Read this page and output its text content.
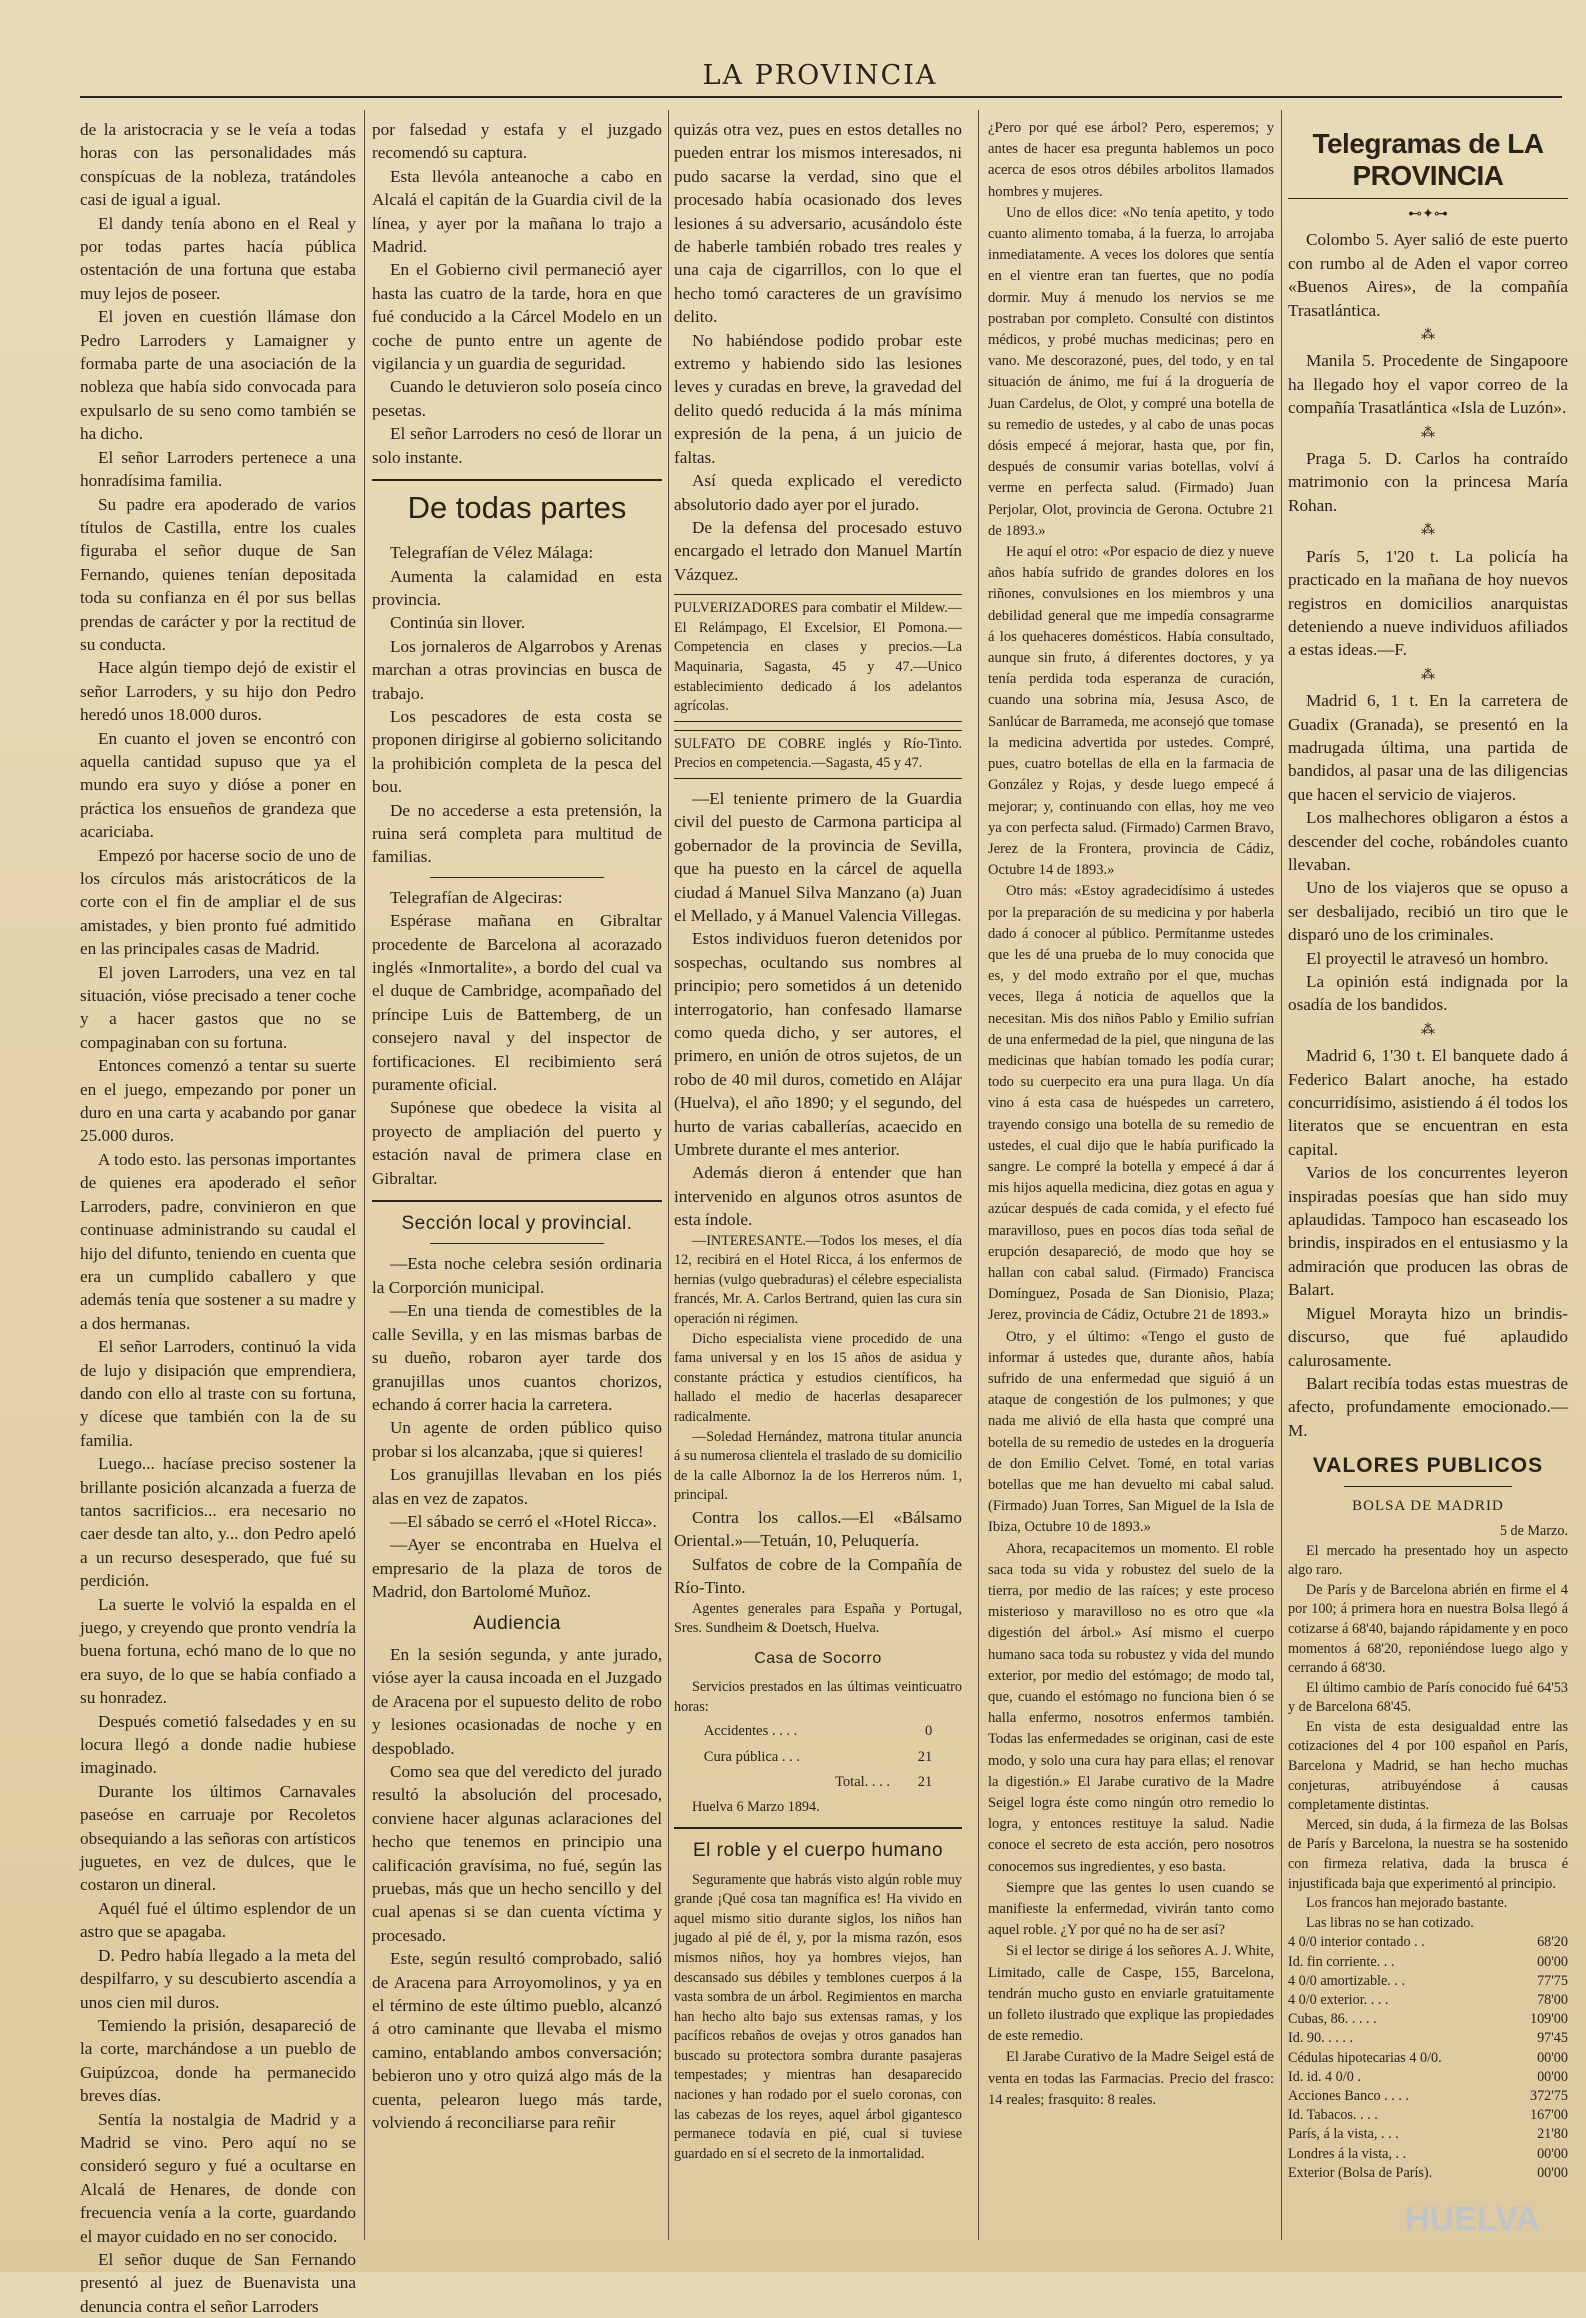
LA PROVINCIA

de la aristocracia y se le veía a todas horas con las personalidades más conspícuas de la nobleza, tratándoles casi de igual a igual.

El dandy tenía abono en el Real y por todas partes hacía pública ostentación de una fortuna que estaba muy lejos de poseer.

El joven en cuestión llámase don Pedro Larroders y Lamaigner y formaba parte de una asociación de la nobleza que había sido convocada para expulsarlo de su seno como también se ha dicho.

El señor Larroders pertenece a una honradísima familia.

Su padre era apoderado de varios títulos de Castilla, entre los cuales figuraba el señor duque de San Fernando, quienes tenían depositada toda su confianza en él por sus bellas prendas de carácter y por la rectitud de su conducta.

Hace algún tiempo dejó de existir el señor Larroders, y su hijo don Pedro heredó unos 18.000 duros.

En cuanto el joven se encontró con aquella cantidad supuso que ya el mundo era suyo y dióse a poner en práctica los ensueños de grandeza que acariciaba.

Empezó por hacerse socio de uno de los círculos más aristocráticos de la corte con el fin de ampliar el de sus amistades, y bien pronto fué admitido en las principales casas de Madrid.

El joven Larroders, una vez en tal situación, vióse precisado a tener coche y a hacer gastos que no se compaginaban con su fortuna.

Entonces comenzó a tentar su suerte en el juego, empezando por poner un duro en una carta y acabando por ganar 25.000 duros.

A todo esto. las personas importantes de quienes era apoderado el señor Larroders, padre, convinieron en que continuase administrando su caudal el hijo del difunto, teniendo en cuenta que era un cumplido caballero y que además tenía que sostener a su madre y a dos hermanas.

El señor Larroders, continuó la vida de lujo y disipación que emprendiera, dando con ello al traste con su fortuna, y dícese que también con la de su familia.

Luego... hacíase preciso sostener la brillante posición alcanzada a fuerza de tantos sacrificios... era necesario no caer desde tan alto, y... don Pedro apeló a un recurso desesperado, que fué su perdición.

La suerte le volvió la espalda en el juego, y creyendo que pronto vendría la buena fortuna, echó mano de lo que no era suyo, de lo que se había confiado a su honradez.

Después cometió falsedades y en su locura llegó a donde nadie hubiese imaginado.

Durante los últimos Carnavales paseóse en carruaje por Recoletos obsequiando a las señoras con artísticos juguetes, en vez de dulces, que le costaron un dineral.

Aquél fué el último esplendor de un astro que se apagaba.

D. Pedro había llegado a la meta del despilfarro, y su descubierto ascendía a unos cien mil duros.

Temiendo la prisión, desapareció de la corte, marchándose a un pueblo de Guipúzcoa, donde ha permanecido breves días.

Sentía la nostalgia de Madrid y a Madrid se vino. Pero aquí no se consideró seguro y fué a ocultarse en Alcalá de Henares, de donde con frecuencia venía a la corte, guardando el mayor cuidado en no ser conocido.

El señor duque de San Fernando presentó al juez de Buenavista una denuncia contra el señor Larroders

por falsedad y estafa y el juzgado recomendó su captura.

Esta llevóla anteanoche a cabo en Alcalá el capitán de la Guardia civil de la línea, y ayer por la mañana lo trajo a Madrid.

En el Gobierno civil permaneció ayer hasta las cuatro de la tarde, hora en que fué conducido a la Cárcel Modelo en un coche de punto entre un agente de vigilancia y un guardia de seguridad.

Cuando le detuvieron solo poseía cinco pesetas.

El señor Larroders no cesó de llorar un solo instante.

De todas partes

Telegrafían de Vélez Málaga:

Aumenta la calamidad en esta provincia.

Continúa sin llover.

Los jornaleros de Algarrobos y Arenas marchan a otras provincias en busca de trabajo.

Los pescadores de esta costa se proponen dirigirse al gobierno solicitando la prohibición completa de la pesca del bou.

De no accederse a esta pretensión, la ruina será completa para multitud de familias.

Telegrafían de Algeciras:

Espérase mañana en Gibraltar procedente de Barcelona al acorazado inglés «Inmortalite», a bordo del cual va el duque de Cambridge, acompañado del príncipe Luis de Battemberg, de un consejero naval y del inspector de fortificaciones. El recibimiento será puramente oficial.

Supónese que obedece la visita al proyecto de ampliación del puerto y estación naval de primera clase en Gibraltar.

Sección local y provincial.

—Esta noche celebra sesión ordinaria la Corporción municipal.

—En una tienda de comestibles de la calle Sevilla, y en las mismas barbas de su dueño, robaron ayer tarde dos granujillas unos cuantos chorizos, echando á correr hacia la carretera.

Un agente de orden público quiso probar si los alcanzaba, ¡que si quieres!

Los granujillas llevaban en los piés alas en vez de zapatos.

—El sábado se cerró el «Hotel Ricca».

—Ayer se encontraba en Huelva el empresario de la plaza de toros de Madrid, don Bartolomé Muñoz.

Audiencia

En la sesión segunda, y ante jurado, vióse ayer la causa incoada en el Juzgado de Aracena por el supuesto delito de robo y lesiones ocasionadas de noche y en despoblado.

Como sea que del veredicto del jurado resultó la absolución del procesado, conviene hacer algunas aclaraciones del hecho que tenemos en principio una calificación gravísima, no fué, según las pruebas, más que un hecho sencillo y del cual apenas si se dan cuenta víctima y procesado.

Este, según resultó comprobado, salió de Aracena para Arroyomolinos, y ya en el término de este último pueblo, alcanzó á otro caminante que llevaba el mismo camino, entablando ambos conversación; bebieron uno y otro quizá algo más de la cuenta, pelearon luego más tarde, volviendo á reconciliarse para reñir

quizás otra vez, pues en estos detalles no pueden entrar los mismos interesados, ni pudo sacarse la verdad, sino que el procesado había ocasionado dos leves lesiones á su adversario, acusándolo éste de haberle también robado tres reales y una caja de cigarrillos, con lo que el hecho tomó caracteres de un gravísimo delito.

No habiéndose podido probar este extremo y habiendo sido las lesiones leves y curadas en breve, la gravedad del delito quedó reducida á la más mínima expresión de la pena, á un juicio de faltas.

Así queda explicado el veredicto absolutorio dado ayer por el jurado.

De la defensa del procesado estuvo encargado el letrado don Manuel Martín Vázquez.

PULVERIZADORES para combatir el Mildew.—El Relámpago, El Excelsior, El Pomona.—Competencia en clases y precios.—La Maquinaria, Sagasta, 45 y 47.—Unico establecimiento dedicado á los adelantos agrícolas.

SULFATO DE COBRE inglés y Río-Tinto. Precios en competencia.—Sagasta, 45 y 47.

—El teniente primero de la Guardia civil del puesto de Carmona participa al gobernador de la provincia de Sevilla, que ha puesto en la cárcel de aquella ciudad á Manuel Silva Manzano (a) Juan el Mellado, y á Manuel Valencia Villegas.

Estos individuos fueron detenidos por sospechas, ocultando sus nombres al principio; pero sometidos á un detenido interrogatorio, han confesado llamarse como queda dicho, y ser autores, el primero, en unión de otros sujetos, de un robo de 40 mil duros, cometido en Alájar (Huelva), el año 1890; y el segundo, del hurto de varias caballerías, acaecido en Umbrete durante el mes anterior.

Además dieron á entender que han intervenido en algunos otros asuntos de esta índole.

—INTERESANTE.—Todos los meses, el día 12, recibirá en el Hotel Ricca, á los enfermos de hernias (vulgo quebraduras) el célebre especialista francés, Mr. A. Carlos Bertrand, quien las cura sin operación ni régimen.

Dicho especialista viene procedido de una fama universal y en los 15 años de asidua y constante práctica y estudios científicos, ha hallado el medio de hacerlas desaparecer radicalmente.

—Soledad Hernández, matrona titular anuncia á su numerosa clientela el traslado de su domicilio de la calle Albornoz la de los Herreros núm. 1, principal.

Contra los callos.—El «Bálsamo Oriental.»—Tetuán, 10, Peluquería.

Sulfatos de cobre de la Compañía de Río-Tinto.

Agentes generales para España y Portugal, Sres. Sundheim & Doetsch, Huelva.

Casa de Socorro

Servicios prestados en las últimas veinticuatro horas:

Accidentes . . . .	0
Cura pública . . .	21
Total. . . .	21

Huelva 6 Marzo 1894.

El roble y el cuerpo humano

Seguramente que habrás visto algún roble muy grande ¡Qué cosa tan magnífica es! Ha vivido en aquel mismo sitio durante siglos, los niños han jugado al pié de él, y, por la misma razón, esos mismos niños, hoy ya hombres viejos, han descansado sus débiles y temblones cuerpos á la vasta sombra de un árbol. Regimientos en marcha han hecho alto bajo sus extensas ramas, y los pacíficos rebaños de ovejas y otros ganados han buscado su protectora sombra durante pasajeras tempestades; y mientras han desaparecido naciones y han rodado por el suelo coronas, con las cabezas de los reyes, aquel árbol gigantesco permanece todavía en pié, cual si tuviese guardado en sí el secreto de la inmortalidad.

¿Pero por qué ese árbol? Pero, esperemos; y antes de hacer esa pregunta hablemos un poco acerca de esos otros débiles arbolitos llamados hombres y mujeres.

Uno de ellos dice: «No tenía apetito, y todo cuanto alimento tomaba, á la fuerza, lo arrojaba inmediatamente. A veces los dolores que sentía en el vientre eran tan fuertes, que no podía dormir. Muy á menudo los nervios se me postraban por completo. Consulté con distintos médicos, y probé muchas medicinas; pero en vano. Me descorazoné, pues, del todo, y en tal situación de ánimo, me fuí á la droguería de Juan Cardelus, de Olot, y compré una botella de su remedio de ustedes, y al cabo de unas pocas dósis empecé á mejorar, hasta que, por fin, después de consumir varias botellas, volví á verme en perfecta salud. (Firmado) Juan Perjolar, Olot, provincia de Gerona. Octubre 21 de 1893.»

He aquí el otro: «Por espacio de diez y nueve años había sufrido de grandes dolores en los riñones, convulsiones en los miembros y una debilidad general que me impedía consagrarme á los quehaceres domésticos. Había consultado, aunque sin fruto, á diferentes doctores, y ya tenía perdida toda esperanza de curación, cuando una sobrina mía, Jesusa Asco, de Sanlúcar de Barrameda, me aconsejó que tomase la medicina advertida por ustedes. Compré, pues, cuatro botellas de ella en la farmacia de González y Rojas, y desde luego empecé á mejorar; y, continuando con ellas, hoy me veo ya con perfecta salud. (Firmado) Carmen Bravo, Jerez de la Frontera, provincia de Cádiz, Octubre 14 de 1893.»

Otro más: «Estoy agradecidísimo á ustedes por la preparación de su medicina y por haberla dado á conocer al público. Permítanme ustedes que les dé una prueba de lo muy conocida que es, y del modo extraño por el que, muchas veces, llega á noticia de aquellos que la necesitan. Mis dos niños Pablo y Emilio sufrían de una enfermedad de la piel, que ninguna de las medicinas que habían tomado les podía curar; todo su cuerpecito era una pura llaga. Un día vino á esta casa de huéspedes un carretero, trayendo consigo una botella de su remedio de ustedes, el cual dijo que le había purificado la sangre. Le compré la botella y empecé á dar á mis hijos aquella medicina, diez gotas en agua y azúcar después de cada comida, y el efecto fué maravilloso, pues en pocos días toda señal de erupción desapareció, de modo que hoy se hallan con cabal salud. (Firmado) Francisca Domínguez, Posada de San Dionisio, Plaza; Jerez, provincia de Cádiz, Octubre 21 de 1893.»

Otro, y el último: «Tengo el gusto de informar á ustedes que, durante años, había sufrido de una enfermedad que siguió á un ataque de congestión de los pulmones; y que nada me alivió de ella hasta que compré una botella de su remedio de ustedes en la droguería de don Emilio Celvet. Tomé, en total varias botellas que me han devuelto mi cabal salud. (Firmado) Juan Torres, San Miguel de la Isla de Ibiza, Octubre 10 de 1893.»

Ahora, recapacitemos un momento. El roble saca toda su vida y robustez del suelo de la tierra, por medio de las raíces; y este proceso misterioso y maravilloso no es otro que «la digestión del árbol.» Así mismo el cuerpo humano saca toda su robustez y vida del mundo exterior, por medio del estómago; de modo tal, que, cuando el estómago no funciona bien ó se halla enfermo, nosotros enfermos también. Todas las enfermedades se originan, casi de este modo, y solo una cura hay para ellas; el renovar la digestión.» El Jarabe curativo de la Madre Seigel logra éste como ningún otro remedio lo logra, y entonces restituye la salud. Nadie conoce el secreto de esta acción, pero nosotros conocemos sus ingredientes, y eso basta.

Siempre que las gentes lo usen cuando se manifieste la enfermedad, vivirán tanto como aquel roble. ¿Y por qué no ha de ser así?

Si el lector se dirige á los señores A. J. White, Limitado, calle de Caspe, 155, Barcelona, tendrán mucho gusto en enviarle gratuitamente un folleto ilustrado que explique las propiedades de este remedio.

El Jarabe Curativo de la Madre Seigel está de venta en todas las Farmacias. Precio del frasco: 14 reales; frasquito: 8 reales.

Telegramas de LA PROVINCIA
⊷✦⊶

Colombo 5. Ayer salió de este puerto con rumbo al de Aden el vapor correo «Buenos Aires», de la compañía Trasatlántica.

⁂

Manila 5. Procedente de Singapoore ha llegado hoy el vapor correo de la compañía Trasatlántica «Isla de Luzón».

⁂

Praga 5. D. Carlos ha contraído matrimonio con la princesa María Rohan.

⁂

París 5, 1'20 t. La policía ha practicado en la mañana de hoy nuevos registros en domicilios anarquistas deteniendo a nueve individuos afiliados a estas ideas.—F.

⁂

Madrid 6, 1 t. En la carretera de Guadix (Granada), se presentó en la madrugada última, una partida de bandidos, al pasar una de las diligencias que hacen el servicio de viajeros.

Los malhechores obligaron a éstos a descender del coche, robándoles cuanto llevaban.

Uno de los viajeros que se opuso a ser desbalijado, recibió un tiro que le disparó uno de los criminales.

El proyectil le atravesó un hombro.

La opinión está indignada por la osadía de los bandidos.

⁂

Madrid 6, 1'30 t. El banquete dado á Federico Balart anoche, ha estado concurridísimo, asistiendo á él todos los literatos que se encuentran en esta capital.

Varios de los concurrentes leyeron inspiradas poesías que han sido muy aplaudidas. Tampoco han escaseado los brindis, inspirados en el entusiasmo y la admiración que producen las obras de Balart.

Miguel Morayta hizo un brindis-discurso, que fué aplaudido calurosamente.

Balart recibía todas estas muestras de afecto, profundamente emocionado.—M.

VALORES PUBLICOS
BOLSA DE MADRID

5 de Marzo.

El mercado ha presentado hoy un aspecto algo raro.

De París y de Barcelona abrién en firme el 4 por 100; á primera hora en nuestra Bolsa llegó á cotizarse á 68'40, bajando rápidamente y en poco momentos á 68'20, reponiéndose luego algo y cerrando á 68'30.

El último cambio de París conocido fué 64'53 y de Barcelona 68'45.

En vista de esta desigualdad entre las cotizaciones del 4 por 100 español en París, Barcelona y Madrid, se han hecho muchas conjeturas, atribuyéndose á causas completamente distintas.

Merced, sin duda, á la firmeza de las Bolsas de París y Barcelona, la nuestra se ha sostenido con firmeza relativa, dada la brusca é injustificada baja que experimentó al principio.

Los francos han mejorado bastante.

Las libras no se han cotizado.

4 0/0 interior contado . .	68'20
Id. fin corriente. . .	00'00
4 0/0 amortizable. . .	77'75
4 0/0 exterior. . . .	78'00
Cubas, 86. . . . .	109'00
Id. 90. . . . .	97'45
Cédulas hipotecarias 4 0/0.	00'00
Id. id. 4 0/0 .	00'00
Acciones Banco . . . .	372'75
Id. Tabacos. . . .	167'00
París, á la vista, . . .	21'80
Londres á la vista, . .	00'00
Exterior (Bolsa de París).	00'00
HUELVA
